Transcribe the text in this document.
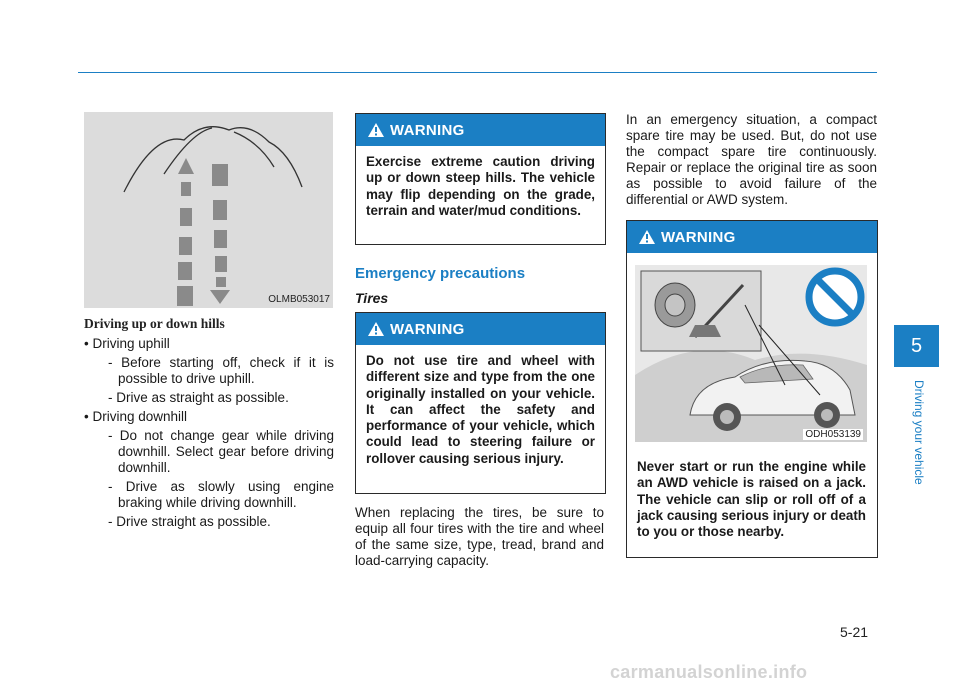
OLMB053017
Driving up or down hills
• Driving uphill
- Before starting off, check if it is possible to drive uphill.
- Drive as straight as possible.
• Driving downhill
- Do not change gear while driving downhill. Select gear before driving downhill.
- Drive as slowly using engine braking while driving downhill.
- Drive straight as possible.
WARNING
Exercise extreme caution driving up or down steep hills. The vehicle may flip depending on the grade, terrain and water/mud conditions.
Emergency precautions
Tires
WARNING
Do not use tire and wheel with different size and type from the one originally installed on your vehicle. It can affect the safety and performance of your vehicle, which could lead to steering failure or rollover causing serious injury.
When replacing the tires, be sure to equip all four tires with the tire and wheel of the same size, type, tread, brand and load-carrying capacity.
In an emergency situation, a compact spare tire may be used. But, do not use the compact spare tire continuously. Repair or replace the original tire as soon as possible to avoid failure of the differential or AWD system.
WARNING
ODH053139
Never start or run the engine while an AWD vehicle is raised on a jack. The vehicle can slip or roll off of a jack causing serious injury or death to you or those nearby.
5
Driving your vehicle
5-21
carmanualsonline.info
